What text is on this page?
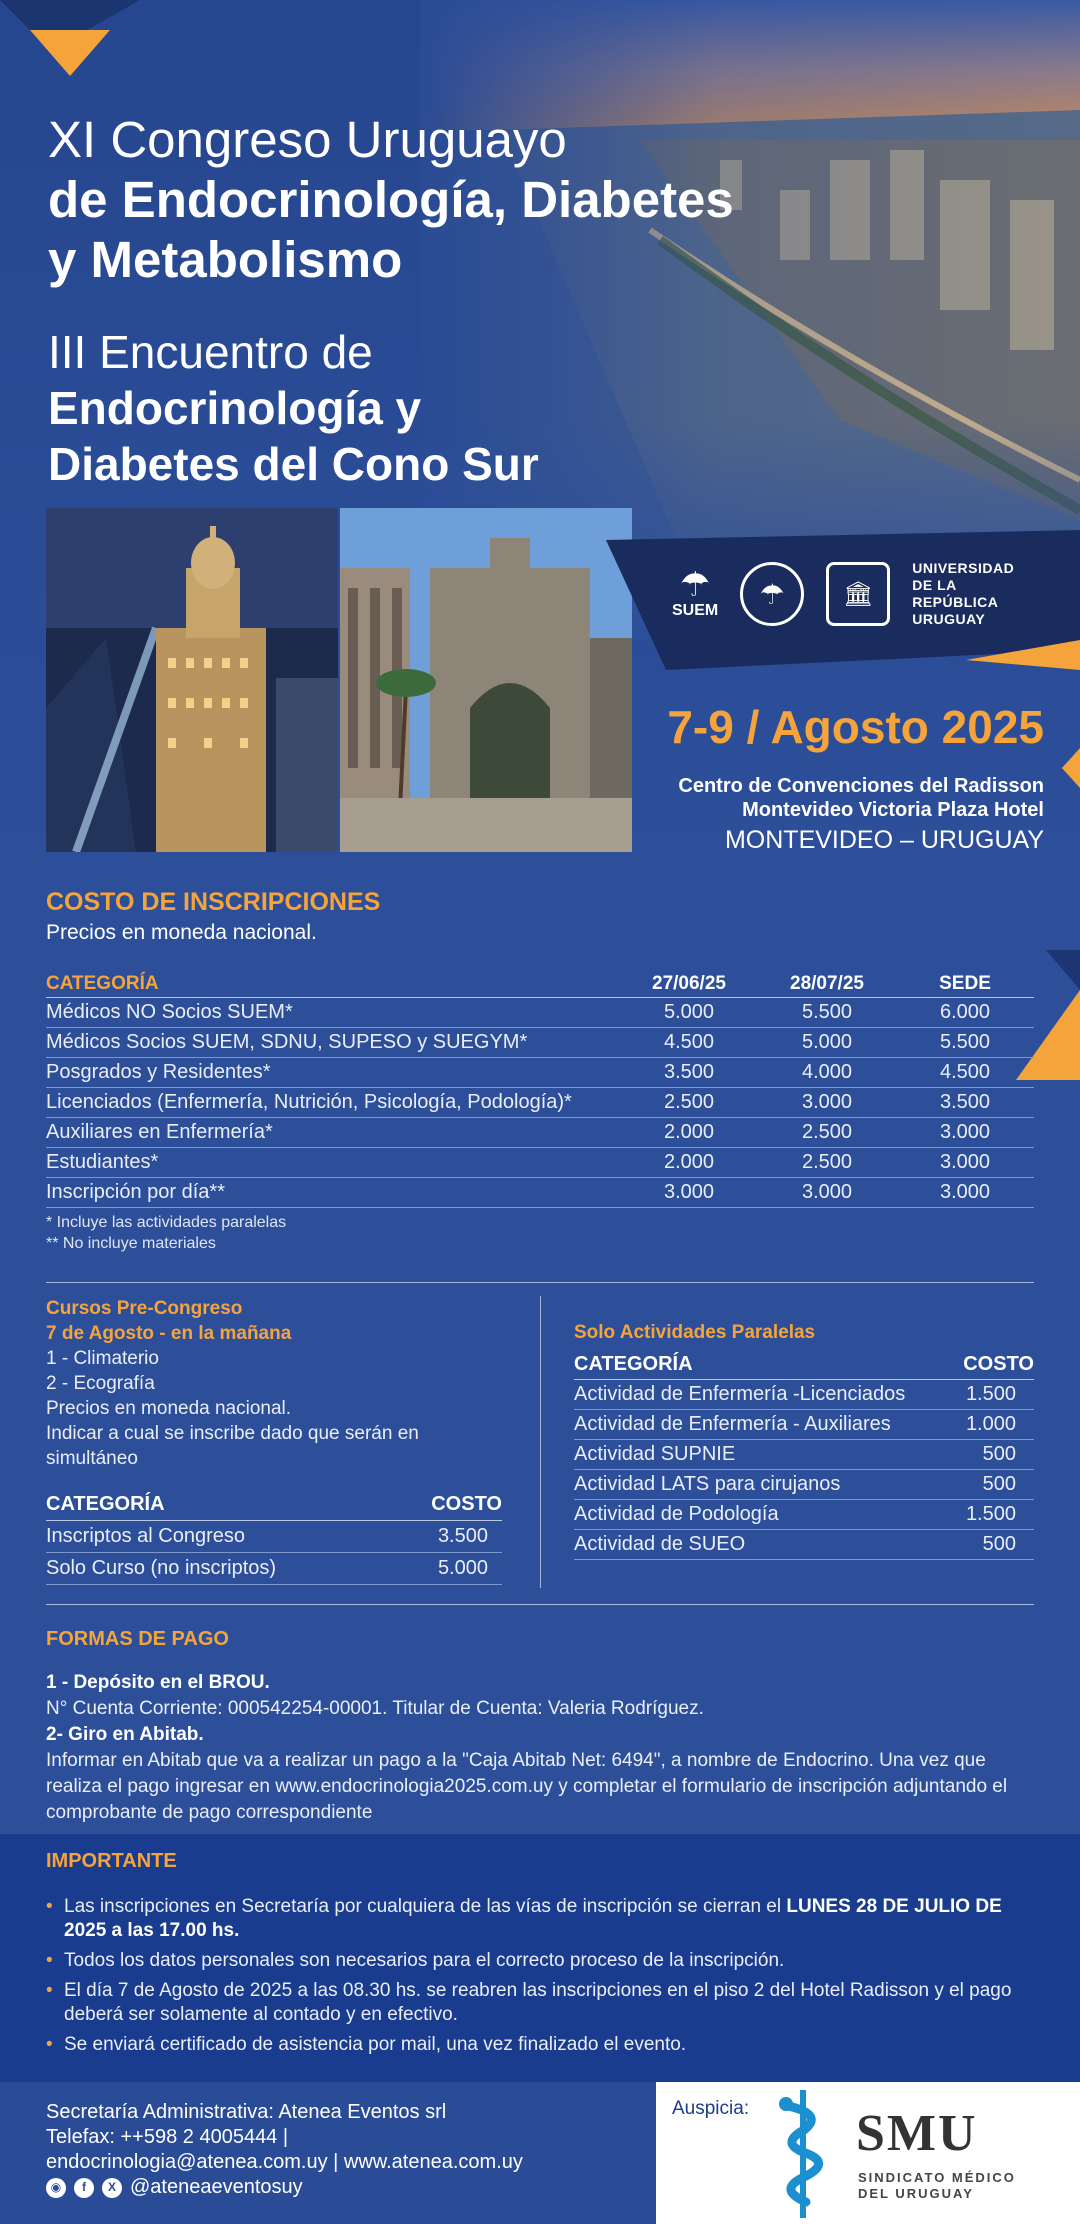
XI Congreso Uruguayo
de Endocrinología, Diabetes
y Metabolismo
III Encuentro de
Endocrinología y
Diabetes del Cono Sur
☂
SUEM
☂	🏛
UNIVERSIDAD
DE LA REPÚBLICA
URUGUAY
7-9 / Agosto 2025
Centro de Convenciones del Radisson
Montevideo Victoria Plaza Hotel
MONTEVIDEO – URUGUAY
COSTO DE INSCRIPCIONES
Precios en moneda nacional.
CATEGORÍA	27/06/25	28/07/25	SEDE
Médicos NO Socios SUEM*	5.000	5.500	6.000
Médicos Socios SUEM, SDNU, SUPESO y SUEGYM*	4.500	5.000	5.500
Posgrados y Residentes*	3.500	4.000	4.500
Licenciados (Enfermería, Nutrición, Psicología, Podología)*	2.500	3.000	3.500
Auxiliares en Enfermería*	2.000	2.500	3.000
Estudiantes*	2.000	2.500	3.000
Inscripción por día**	3.000	3.000	3.000
* Incluye las actividades paralelas
** No incluye materiales
Cursos Pre-Congreso
7 de Agosto - en la mañana
1 - Climaterio
2 - Ecografía
Precios en moneda nacional.
Indicar a cual se inscribe dado que serán en simultáneo
CATEGORÍA	COSTO
Inscriptos al Congreso	3.500
Solo Curso (no inscriptos)	5.000
Solo Actividades Paralelas
CATEGORÍA	COSTO
Actividad de Enfermería -Licenciados	1.500
Actividad de Enfermería - Auxiliares	1.000
Actividad SUPNIE	500
Actividad LATS para cirujanos	500
Actividad de Podología	1.500
Actividad de SUEO	500
FORMAS DE PAGO
1 - Depósito en el BROU.
N° Cuenta Corriente: 000542254-00001. Titular de Cuenta: Valeria Rodríguez.
2- Giro en Abitab.
Informar en Abitab que va a realizar un pago a la "Caja Abitab Net: 6494", a nombre de Endocrino. Una vez que realiza el pago ingresar en www.endocrinologia2025.com.uy y completar el formulario de inscripción adjuntando el comprobante de pago correspondiente
IMPORTANTE
• Las inscripciones en Secretaría por cualquiera de las vías de inscripción se cierran el LUNES 28 DE JULIO DE 2025 a las 17.00 hs.
• Todos los datos personales son necesarios para el correcto proceso de la inscripción.
• El día 7 de Agosto de 2025 a las 08.30 hs. se reabren las inscripciones en el piso 2 del Hotel Radisson y el pago deberá ser solamente al contado y en efectivo.
• Se enviará certificado de asistencia por mail, una vez finalizado el evento.
Secretaría Administrativa: Atenea Eventos srl
Telefax: ++598 2 4005444 |
endocrinologia@atenea.com.uy | www.atenea.com.uy
◉	f	X @ateneaeventosuy
Auspicia: SMU
SINDICATO MÉDICO
DEL URUGUAY
